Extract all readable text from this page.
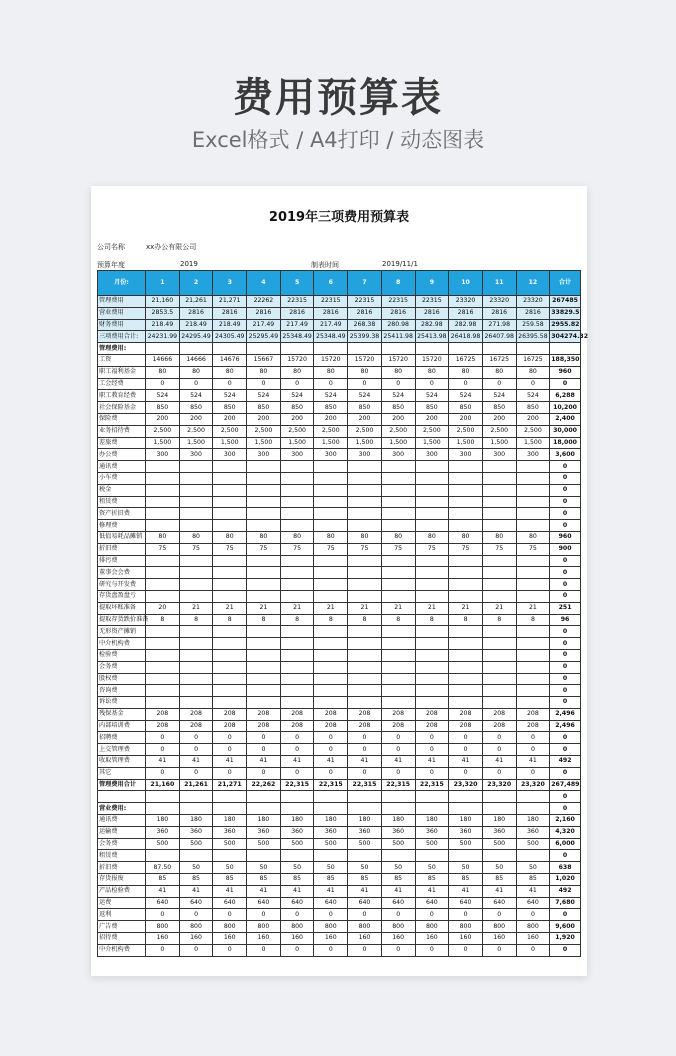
费用预算表
Excel格式 / A4打印 / 动态图表
2019年三项费用预算表
公司名称	xx办公有限公司
预算年度	2019	制表时间	2019/11/1
月份:	1	2	3	4	5	6	7	8	9	10	11	12	合计
管理费用	21,160	21,261	21,271	22262	22315	22315	22315	22315	22315	23320	23320	23320	267485
营业费用	2853.5	2816	2816	2816	2816	2816	2816	2816	2816	2816	2816	2816	33829.5
财务费用	218.49	218.49	218.49	217.49	217.49	217.49	268.38	280.98	282.98	282.98	271.98	259.58	2955.82
三项费用合计:	24231.99	24295.49	24305.49	25295.49	25348.49	25348.49	25399.38	25411.98	25413.98	26418.98	26407.98	26395.58	304274.32
管理费用:													
工资	14666	14666	14676	15667	15720	15720	15720	15720	15720	16725	16725	16725	188,350
职工福利基金	80	80	80	80	80	80	80	80	80	80	80	80	960
工会经费	0	0	0	0	0	0	0	0	0	0	0	0	0
职工教育经费	524	524	524	524	524	524	524	524	524	524	524	524	6,288
社会保险基金	850	850	850	850	850	850	850	850	850	850	850	850	10,200
保险费	200	200	200	200	200	200	200	200	200	200	200	200	2,400
业务招待费	2,500	2,500	2,500	2,500	2,500	2,500	2,500	2,500	2,500	2,500	2,500	2,500	30,000
差旅费	1,500	1,500	1,500	1,500	1,500	1,500	1,500	1,500	1,500	1,500	1,500	1,500	18,000
办公费	300	300	300	300	300	300	300	300	300	300	300	300	3,600
通讯费													0
小车费													0
税金													0
租赁费													0
资产折旧费													0
修理费													0
低值易耗品摊销	80	80	80	80	80	80	80	80	80	80	80	80	960
折旧费	75	75	75	75	75	75	75	75	75	75	75	75	900
排污费													0
董事会会费													0
研究与开发费													0
存货盘盈盘亏													0
提取坏账准备	20	21	21	21	21	21	21	21	21	21	21	21	251
提取存货跌价准备	8	8	8	8	8	8	8	8	8	8	8	8	96
无形资产摊销													0
中介机构费													0
检验费													0
会务费													0
股权费													0
咨询费													0
诉讼费													0
残保基金	208	208	208	208	208	208	208	208	208	208	208	208	2,496
内部培训费	208	208	208	208	208	208	208	208	208	208	208	208	2,496
招聘费	0	0	0	0	0	0	0	0	0	0	0	0	0
上交管理费	0	0	0	0	0	0	0	0	0	0	0	0	0
收取管理费	41	41	41	41	41	41	41	41	41	41	41	41	492
其它	0	0	0	0	0	0	0	0	0	0	0	0	0
管理费用合计	21,160	21,261	21,271	22,262	22,315	22,315	22,315	22,315	22,315	23,320	23,320	23,320	267,489
													0
营业费用:													0
通讯费	180	180	180	180	180	180	180	180	180	180	180	180	2,160
运输费	360	360	360	360	360	360	360	360	360	360	360	360	4,320
会务费	500	500	500	500	500	500	500	500	500	500	500	500	6,000
租赁费													0
折旧费	87.50	50	50	50	50	50	50	50	50	50	50	50	638
存货报废	85	85	85	85	85	85	85	85	85	85	85	85	1,020
产品检验费	41	41	41	41	41	41	41	41	41	41	41	41	492
运费	640	640	640	640	640	640	640	640	640	640	640	640	7,680
返利	0	0	0	0	0	0	0	0	0	0	0	0	0
广告费	800	800	800	800	800	800	800	800	800	800	800	800	9,600
招待费	160	160	160	160	160	160	160	160	160	160	160	160	1,920
中介机构费	0	0	0	0	0	0	0	0	0	0	0	0	0
